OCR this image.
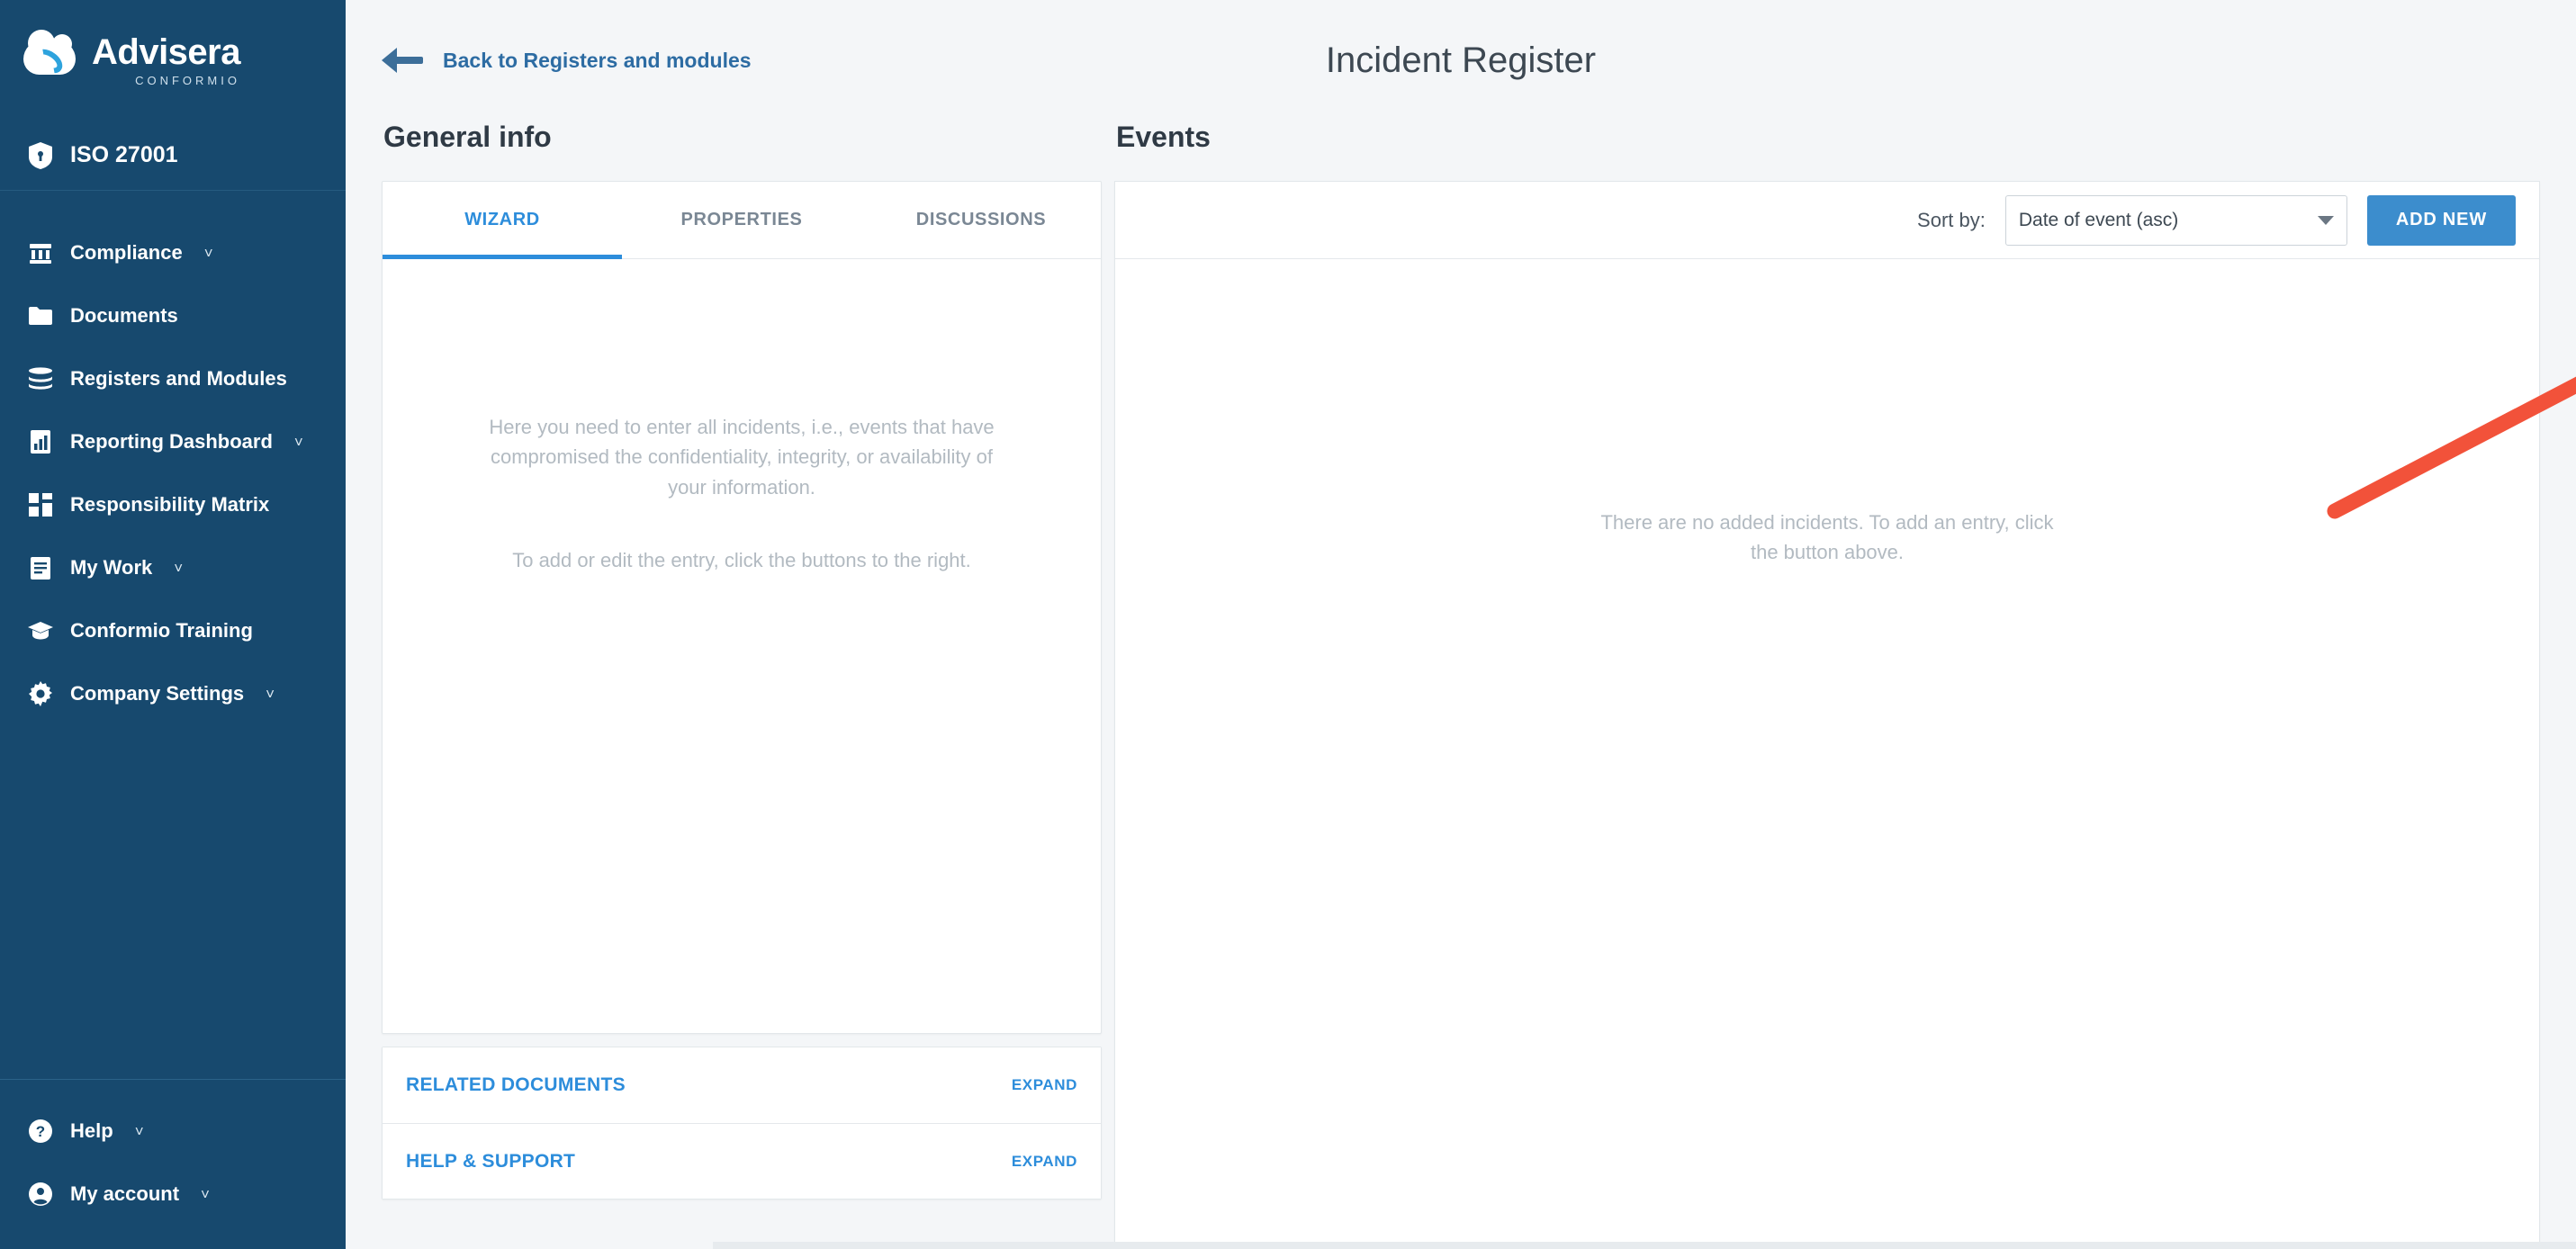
Advisera
CONFORMIO
ISO 27001
Compliance ˅
Documents
Registers and Modules
Reporting Dashboard ˅
Responsibility Matrix
My Work ˅
Conformio Training
Company Settings ˅
? Help ˅
My account ˅
Back to Registers and modules	Incident Register
General info
WIZARD	PROPERTIES	DISCUSSIONS
Here you need to enter all incidents, i.e., events that have compromised the confidentiality, integrity, or availability of your information.
To add or edit the entry, click the buttons to the right.
RELATED DOCUMENTS	EXPAND
HELP & SUPPORT	EXPAND
Events
Sort by: Date of event (asc)	ADD NEW

There are no added incidents. To add an entry, click the button above.
